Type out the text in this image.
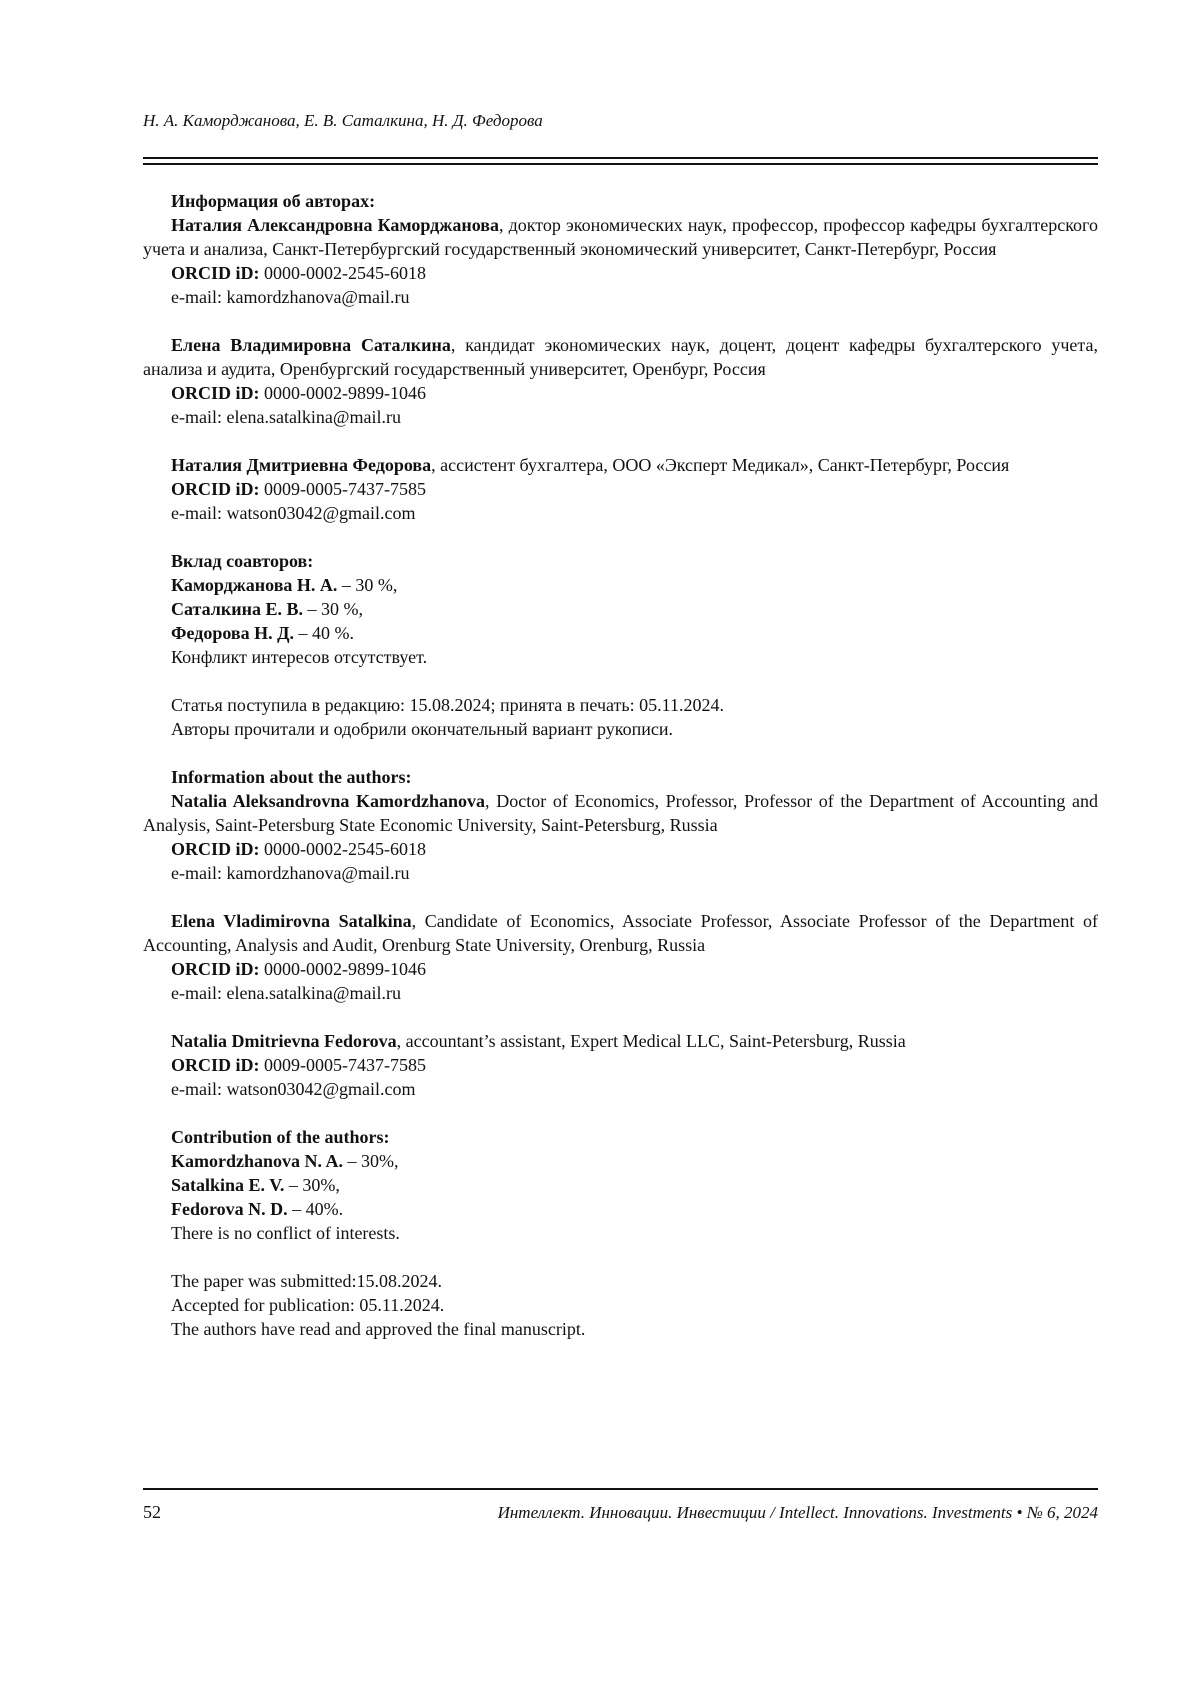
Н. А. Каморджанова, Е. В. Саталкина, Н. Д. Федорова

Информация об авторах:

Наталия Александровна Каморджанова, доктор экономических наук, профессор, профессор кафедры бухгалтерского учета и анализа, Санкт-Петербургский государственный экономический университет, Санкт-Петербург, Россия

ORCID iD: 0000-0002-2545-6018

e-mail: kamordzhanova@mail.ru

Елена Владимировна Саталкина, кандидат экономических наук, доцент, доцент кафедры бухгалтерского учета, анализа и аудита, Оренбургский государственный университет, Оренбург, Россия

ORCID iD: 0000-0002-9899-1046

e-mail: elena.satalkina@mail.ru

Наталия Дмитриевна Федорова, ассистент бухгалтера, ООО «Эксперт Медикал», Санкт-Петербург, Россия

ORCID iD: 0009-0005-7437-7585

e-mail: watson03042@gmail.com

Вклад соавторов:

Каморджанова Н. А. – 30 %,

Саталкина Е. В. – 30 %,

Федорова Н. Д. – 40 %.

Конфликт интересов отсутствует.

Статья поступила в редакцию: 15.08.2024; принята в печать: 05.11.2024.

Авторы прочитали и одобрили окончательный вариант рукописи.

Information about the authors:

Natalia Aleksandrovna Kamordzhanova, Doctor of Economics, Professor, Professor of the Department of Accounting and Analysis, Saint-Petersburg State Economic University, Saint-Petersburg, Russia

ORCID iD: 0000-0002-2545-6018

e-mail: kamordzhanova@mail.ru

Elena Vladimirovna Satalkina, Candidate of Economics, Associate Professor, Associate Professor of the Department of Accounting, Analysis and Audit, Orenburg State University, Orenburg, Russia

ORCID iD: 0000-0002-9899-1046

e-mail: elena.satalkina@mail.ru

Natalia Dmitrievna Fedorova, accountant’s assistant, Expert Medical LLC, Saint-Petersburg, Russia

ORCID iD: 0009-0005-7437-7585

e-mail: watson03042@gmail.com

Contribution of the authors:

Kamordzhanova N. A. – 30%,

Satalkina E. V. – 30%,

Fedorova N. D. – 40%.

There is no conflict of interests.

The paper was submitted:15.08.2024.

Accepted for publication: 05.11.2024.

The authors have read and approved the final manuscript.

52	Интеллект. Инновации. Инвестиции / Intellect. Innovations. Investments • № 6, 2024
